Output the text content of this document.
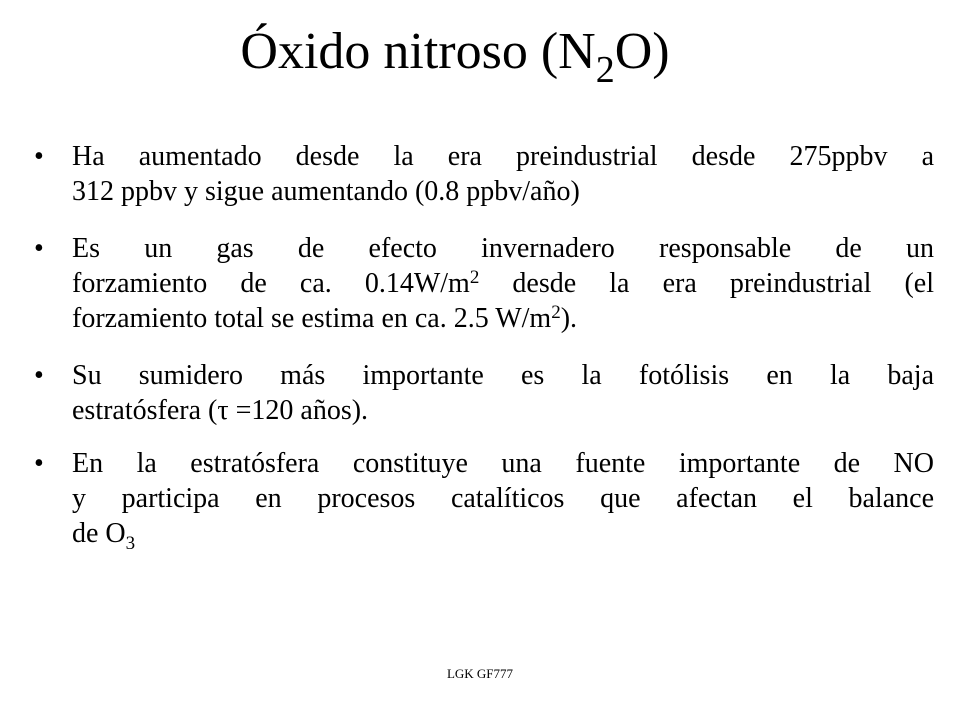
Óxido nitroso $(N_2O)$
• Ha aumentado desde la era preindustrial desde 275ppbv a
312 ppbv y sigue aumentando (0.8 ppbv/año)
• Es un gas de efecto invernadero responsable de un
forzamiento de ca. $0.14W/m^2$ desde la era preindustrial (el
forzamiento total se estima en ca. 2.5 $W/m^2$).
• Su sumidero más importante es la fotólisis en la baja
estratósfera (τ =120 años).
• En la estratósfera constituye una fuente importante de NO
y participa en procesos catalíticos que afectan el balance
de $O_3$
LGK GF777
